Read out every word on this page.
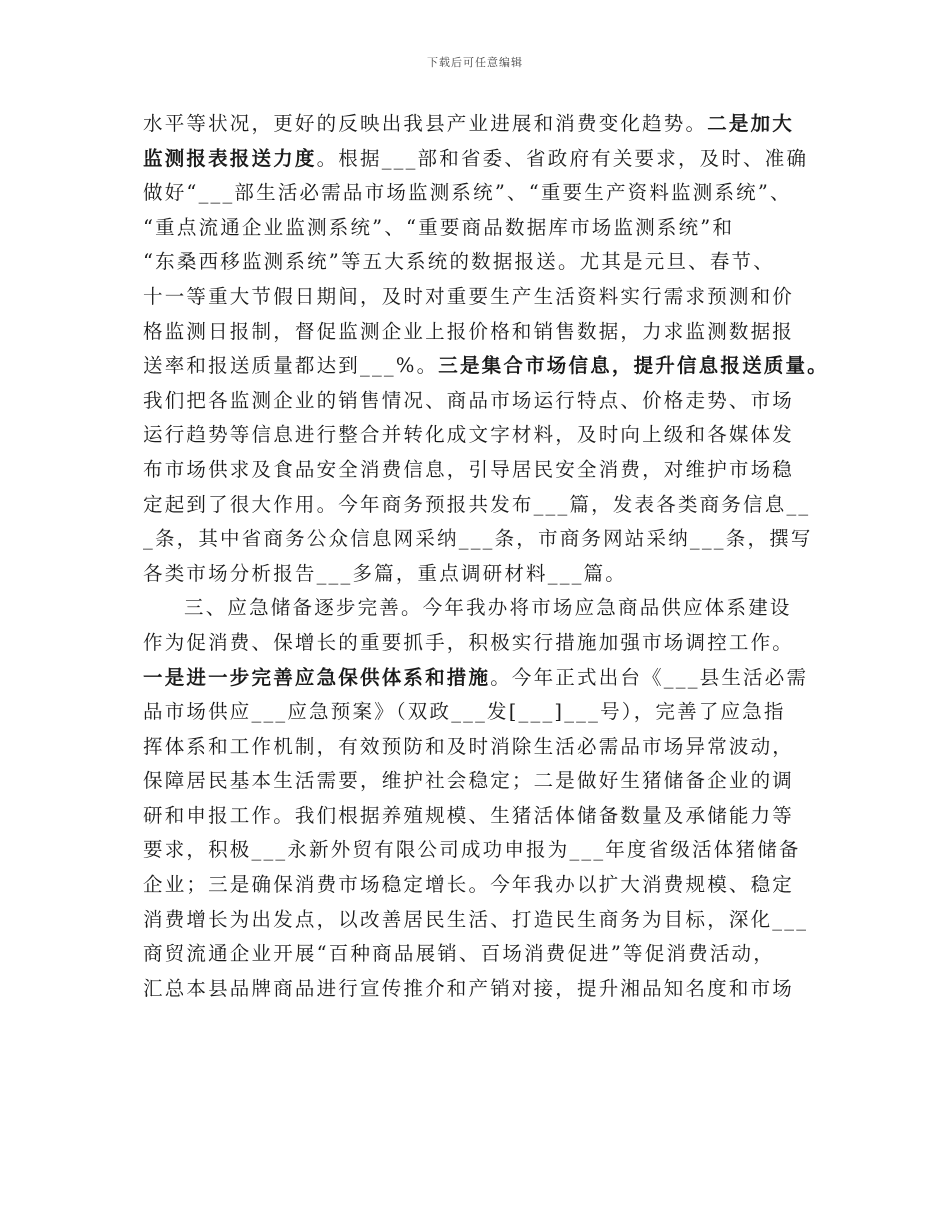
下载后可任意编辑
水平等状况，更好的反映出我县产业进展和消费变化趋势。二是加大
监测报表报送力度。根据___部和省委、省政府有关要求，及时、准确
做好“___部生活必需品市场监测系统”、“重要生产资料监测系统”、
“重点流通企业监测系统”、“重要商品数据库市场监测系统”和
“东桑西移监测系统”等五大系统的数据报送。尤其是元旦、春节、
十一等重大节假日期间，及时对重要生产生活资料实行需求预测和价
格监测日报制，督促监测企业上报价格和销售数据，力求监测数据报
送率和报送质量都达到___%。三是集合市场信息，提升信息报送质量。
我们把各监测企业的销售情况、商品市场运行特点、价格走势、市场
运行趋势等信息进行整合并转化成文字材料，及时向上级和各媒体发
布市场供求及食品安全消费信息，引导居民安全消费，对维护市场稳
定起到了很大作用。今年商务预报共发布___篇，发表各类商务信息__
_条，其中省商务公众信息网采纳___条，市商务网站采纳___条，撰写
各类市场分析报告___多篇，重点调研材料___篇。
三、应急储备逐步完善。今年我办将市场应急商品供应体系建设
作为促消费、保增长的重要抓手，积极实行措施加强市场调控工作。
一是进一步完善应急保供体系和措施。今年正式出台《___县生活必需
品市场供应___应急预案》（双政___发[___]___号），完善了应急指
挥体系和工作机制，有效预防和及时消除生活必需品市场异常波动，
保障居民基本生活需要，维护社会稳定；二是做好生猪储备企业的调
研和申报工作。我们根据养殖规模、生猪活体储备数量及承储能力等
要求，积极___永新外贸有限公司成功申报为___年度省级活体猪储备
企业；三是确保消费市场稳定增长。今年我办以扩大消费规模、稳定
消费增长为出发点，以改善居民生活、打造民生商务为目标，深化___
商贸流通企业开展“百种商品展销、百场消费促进”等促消费活动，
汇总本县品牌商品进行宣传推介和产销对接，提升湘品知名度和市场
